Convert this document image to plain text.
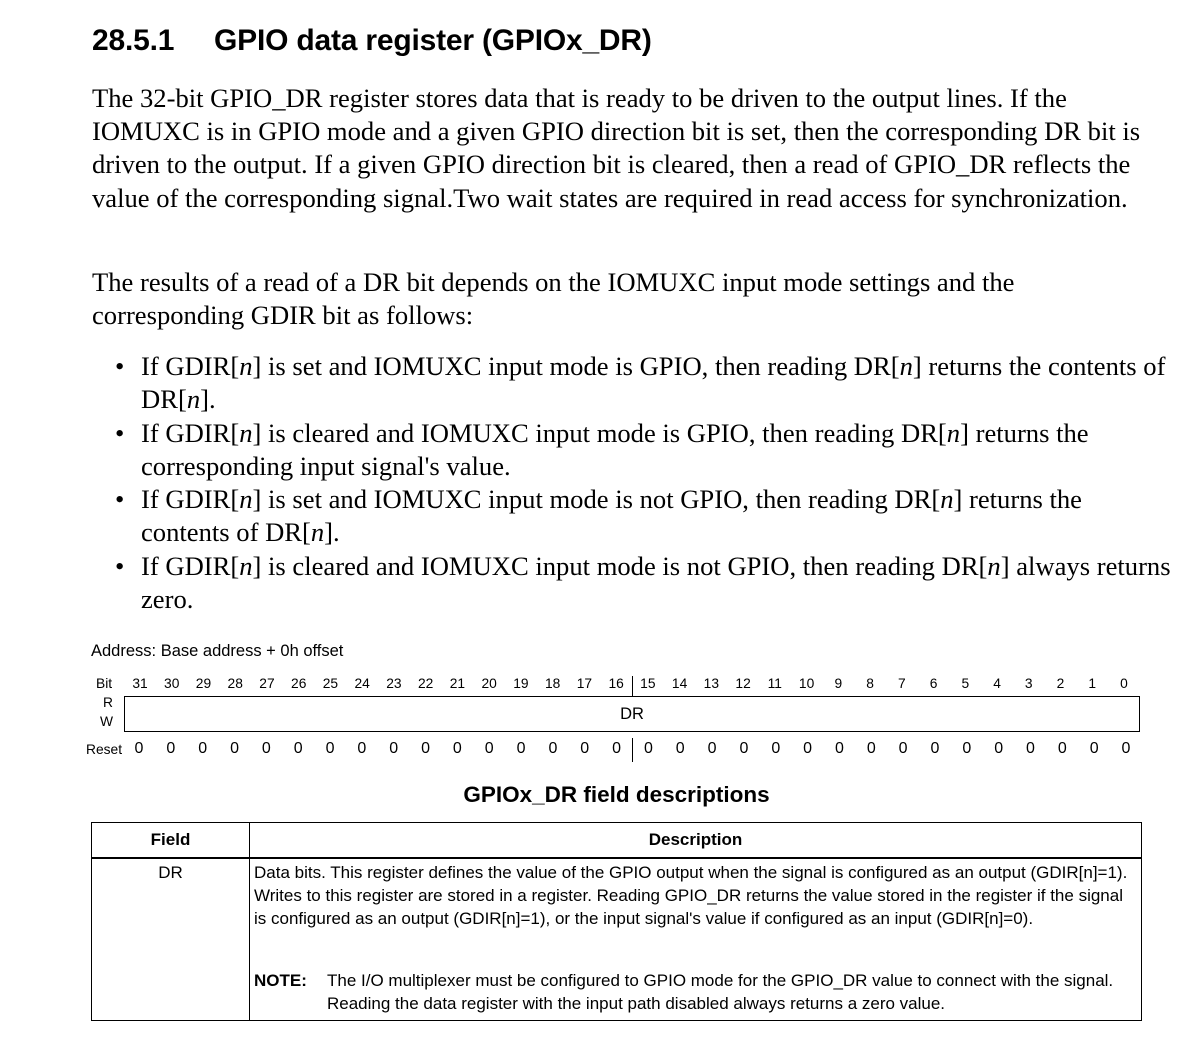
28.5.1 GPIO data register (GPIOx_DR)
The 32-bit GPIO_DR register stores data that is ready to be driven to the output lines. If the IOMUXC is in GPIO mode and a given GPIO direction bit is set, then the corresponding DR bit is driven to the output. If a given GPIO direction bit is cleared, then a read of GPIO_DR reflects the value of the corresponding signal.Two wait states are required in read access for synchronization.
The results of a read of a DR bit depends on the IOMUXC input mode settings and the corresponding GDIR bit as follows:
• If GDIR[n] is set and IOMUXC input mode is GPIO, then reading DR[n] returns the contents of DR[n].
• If GDIR[n] is cleared and IOMUXC input mode is GPIO, then reading DR[n] returns the corresponding input signal's value.
• If GDIR[n] is set and IOMUXC input mode is not GPIO, then reading DR[n] returns the contents of DR[n].
• If GDIR[n] is cleared and IOMUXC input mode is not GPIO, then reading DR[n] always returns zero.
Address: Base address + 0h offset
Bit	31	30	29	28	27	26	25	24	23	22	21	20	19	18	17	16	15	14	13	12	11	10	9	8	7	6	5	4	3	2	1	0
R
W	DR
Reset 0	0	0	0	0	0	0	0	0	0	0	0	0	0	0	0	0	0	0	0	0	0	0	0	0	0	0	0	0	0	0	0
GPIOx_DR field descriptions
Field	Description
DR	Data bits. This register defines the value of the GPIO output when the signal is configured as an output (GDIR[n]=1). Writes to this register are stored in a register. Reading GPIO_DR returns the value stored in the register if the signal is configured as an output (GDIR[n]=1), or the input signal's value if configured as an input (GDIR[n]=0).
NOTE: The I/O multiplexer must be configured to GPIO mode for the GPIO_DR value to connect with the signal. Reading the data register with the input path disabled always returns a zero value.
